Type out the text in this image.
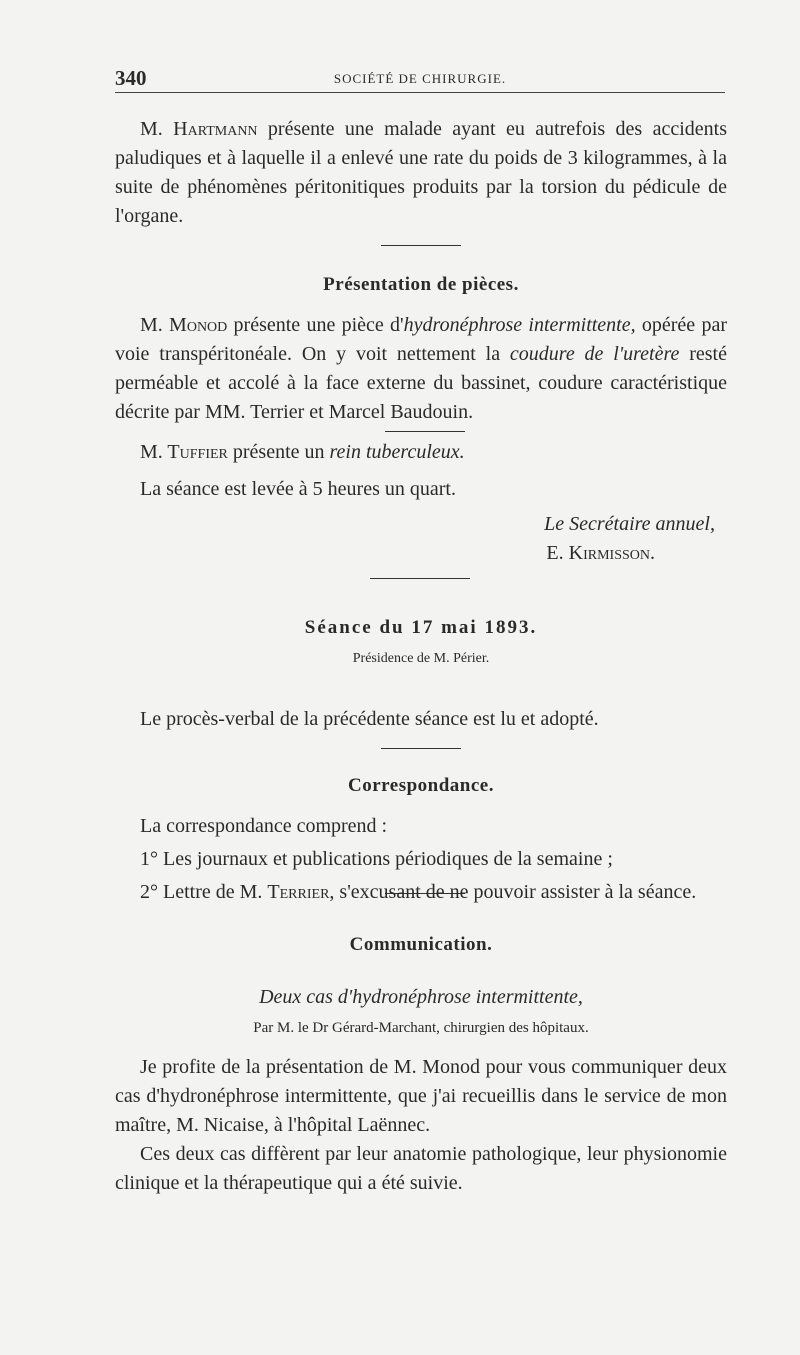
340	SOCIÉTÉ DE CHIRURGIE.

M. Hartmann présente une malade ayant eu autrefois des accidents paludiques et à laquelle il a enlevé une rate du poids de 3 kilogrammes, à la suite de phénomènes péritonitiques produits par la torsion du pédicule de l'organe.

Présentation de pièces.

M. Monod présente une pièce d'hydronéphrose intermittente, opérée par voie transpéritonéale. On y voit nettement la coudure de l'uretère resté perméable et accolé à la face externe du bassinet, coudure caractéristique décrite par MM. Terrier et Marcel Baudouin.

M. Tuffier présente un rein tuberculeux.

La séance est levée à 5 heures un quart.

Le Secrétaire annuel,

E. Kirmisson.

Séance du 17 mai 1893.
Présidence de M. Périer.

Le procès-verbal de la précédente séance est lu et adopté.

Correspondance.

La correspondance comprend :

1° Les journaux et publications périodiques de la semaine ;

2° Lettre de M. Terrier, s'excusant de ne pouvoir assister à la séance.

Communication.

Deux cas d'hydronéphrose intermittente,

Par M. le Dr Gérard-Marchant, chirurgien des hôpitaux.

Je profite de la présentation de M. Monod pour vous communiquer deux cas d'hydronéphrose intermittente, que j'ai recueillis dans le service de mon maître, M. Nicaise, à l'hôpital Laënnec.

Ces deux cas diffèrent par leur anatomie pathologique, leur physionomie clinique et la thérapeutique qui a été suivie.
